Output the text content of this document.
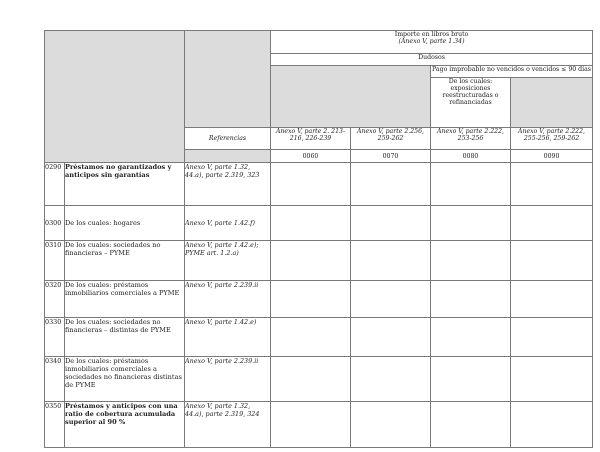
			Importe en libros bruto
(Anexo V, parte 1.34)				

			Dudosos				
					Pago improbable no vencidos o vencidos ≤ 90 días		
					De los cuales: exposiciones reestructuradas o refinanciadas		
		Referencias	Anexo V, parte 2. 213-216, 226-239	Anexo V, parte 2.256, 259-262	Anexo V, parte 2.222, 253-256	Anexo V, parte 2.222, 255-256, 259-262	
			0060	0070	0080	0090	
0290	Préstamos no garantizados y anticipos sin garantías	Anexo V, parte 1.32, 44.a), parte 2.319, 323					
0300	De los cuales: hogares	Anexo V, parte 1.42.f)					
0310	De los cuales: sociedades no financieras – PYME	Anexo V, parte 1.42.e); PYME art. 1.2.a)					
0320	De los cuales: préstamos inmobiliarios comerciales a PYME	Anexo V, parte 2.239.ii					
0330	De los cuales: sociedades no financieras – distintas de PYME	Anexo V, parte 1.42.e)					
0340	De los cuales: préstamos inmobiliarios comerciales a sociedades no financieras distintas de PYME	Anexo V, parte 2.239.ii					
0350	Préstamos y anticipos con una ratio de cobertura acumulada superior al 90 %	Anexo V, parte 1.32, 44.a), parte 2.319, 324					
